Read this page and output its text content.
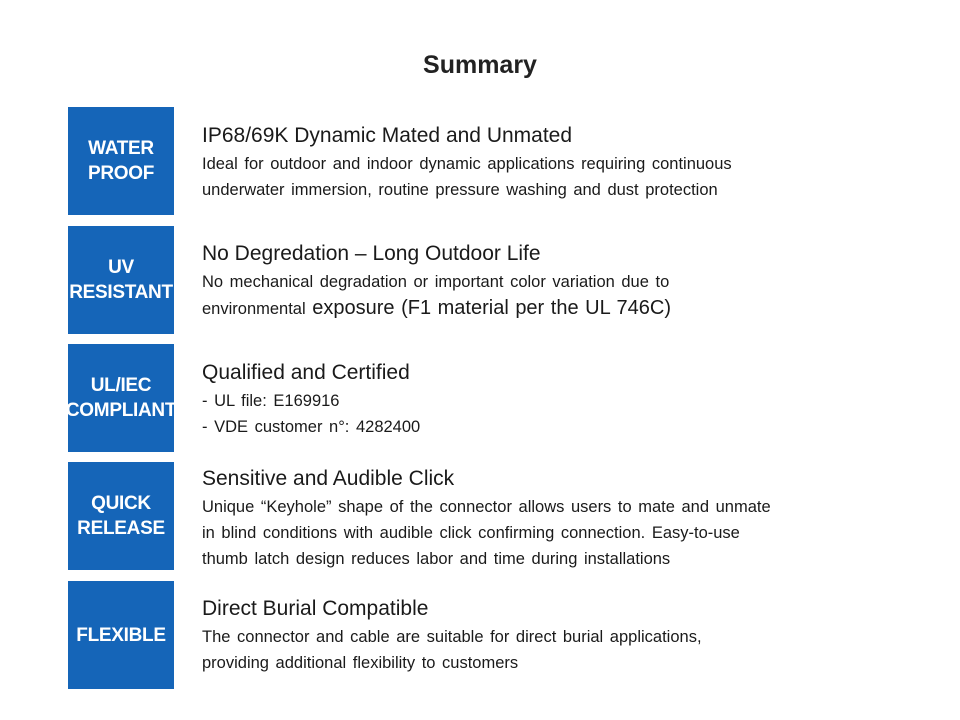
Summary
WATER
PROOF
IP68/69K Dynamic Mated and Unmated
Ideal for outdoor and indoor dynamic applications requiring continuous
underwater immersion, routine pressure washing and dust protection
UV
RESISTANT
No Degredation – Long Outdoor Life
No mechanical degradation or important color variation due to
environmental exposure (F1 material per the UL 746C)
UL/IEC
COMPLIANT
Qualified and Certified
- UL file: E169916
- VDE customer n°: 4282400
QUICK
RELEASE
Sensitive and Audible Click
Unique “Keyhole” shape of the connector allows users to mate and unmate
in blind conditions with audible click confirming connection. Easy-to-use
thumb latch design reduces labor and time during installations
FLEXIBLE
Direct Burial Compatible
The connector and cable are suitable for direct burial applications,
providing additional flexibility to customers
